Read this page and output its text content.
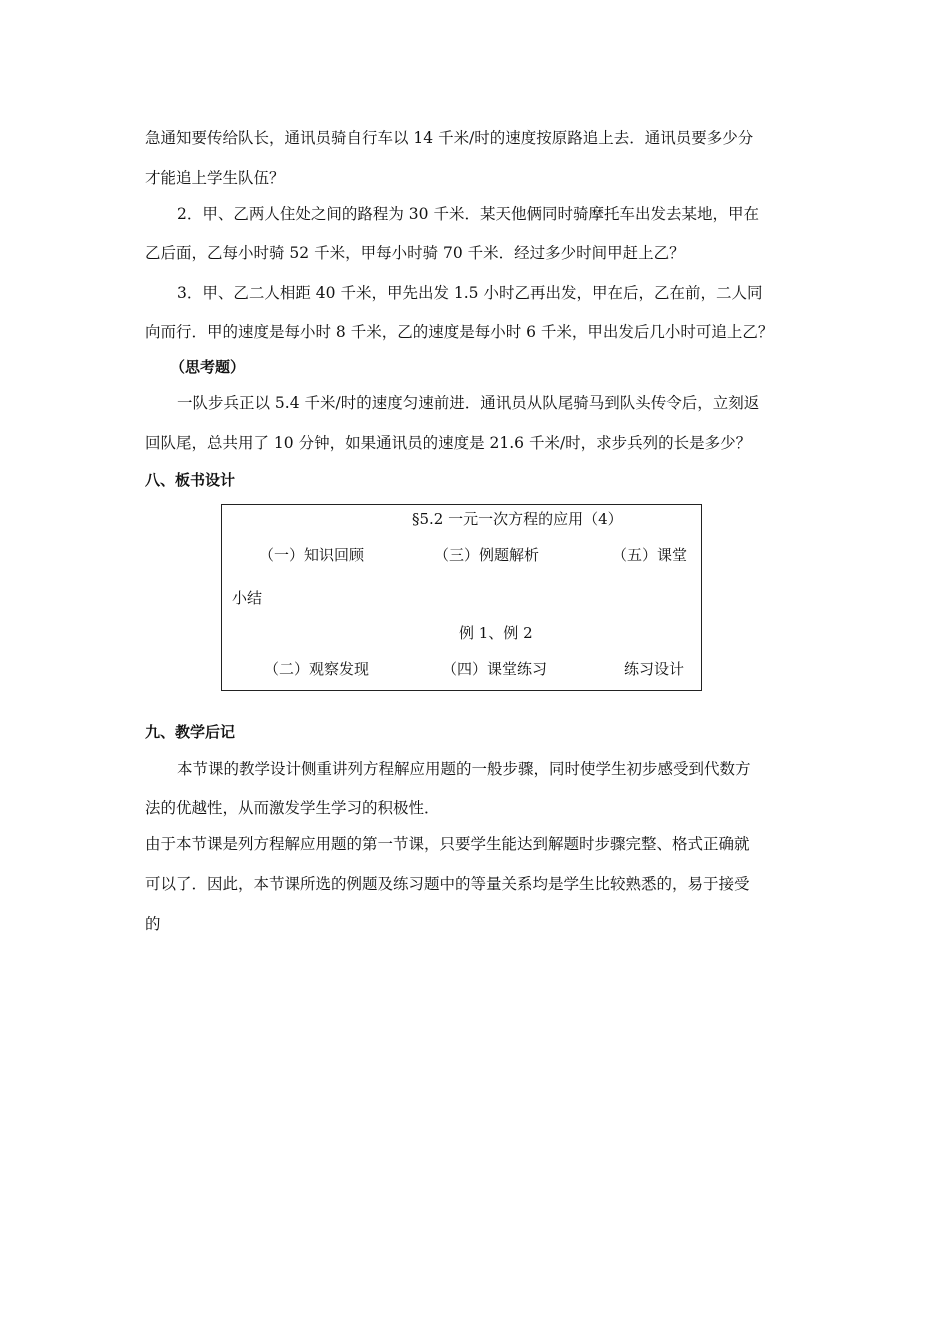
急通知要传给队长，通讯员骑自行车以 14 千米/时的速度按原路追上去．通讯员要多少分
才能追上学生队伍？
2．甲、乙两人住处之间的路程为 30 千米．某天他俩同时骑摩托车出发去某地，甲在
乙后面，乙每小时骑 52 千米，甲每小时骑 70 千米．经过多少时间甲赶上乙？
3．甲、乙二人相距 40 千米，甲先出发 1.5 小时乙再出发，甲在后，乙在前，二人同
向而行．甲的速度是每小时 8 千米，乙的速度是每小时 6 千米，甲出发后几小时可追上乙？
（思考题）
一队步兵正以 5.4 千米/时的速度匀速前进．通讯员从队尾骑马到队头传令后，立刻返
回队尾，总共用了 10 分钟，如果通讯员的速度是 21.6 千米/时，求步兵列的长是多少？
八、板书设计
§5.2 一元一次方程的应用（4）
（一）知识回顾	（三）例题解析	（五）课堂
小结
例 1、例 2
（二）观察发现	（四）课堂练习	练习设计
九、教学后记
本节课的教学设计侧重讲列方程解应用题的一般步骤，同时使学生初步感受到代数方
法的优越性，从而激发学生学习的积极性．
由于本节课是列方程解应用题的第一节课，只要学生能达到解题时步骤完整、格式正确就
可以了．因此，本节课所选的例题及练习题中的等量关系均是学生比较熟悉的，易于接受
的
